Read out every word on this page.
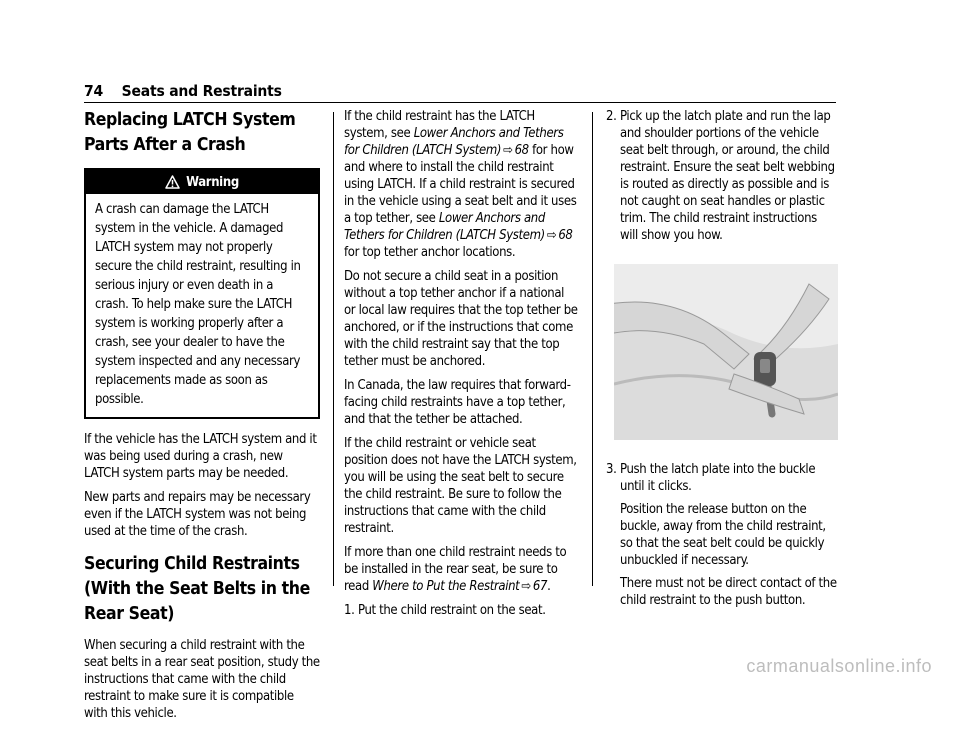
74 Seats and Restraints
Replacing LATCH System Parts After a Crash
Warning
A crash can damage the LATCH system in the vehicle. A damaged LATCH system may not properly secure the child restraint, resulting in serious injury or even death in a crash. To help make sure the LATCH system is working properly after a crash, see your dealer to have the system inspected and any necessary replacements made as soon as possible.

If the vehicle has the LATCH system and it was being used during a crash, new LATCH system parts may be needed.

New parts and repairs may be necessary even if the LATCH system was not being used at the time of the crash.

Securing Child Restraints (With the Seat Belts in the Rear Seat)

When securing a child restraint with the seat belts in a rear seat position, study the instructions that came with the child restraint to make sure it is compatible with this vehicle.

If the child restraint has the LATCH system, see Lower Anchors and Tethers for Children (LATCH System) ⇨ 68 for how and where to install the child restraint using LATCH. If a child restraint is secured in the vehicle using a seat belt and it uses a top tether, see Lower Anchors and Tethers for Children (LATCH System) ⇨ 68 for top tether anchor locations.

Do not secure a child seat in a position without a top tether anchor if a national or local law requires that the top tether be anchored, or if the instructions that come with the child restraint say that the top tether must be anchored.

In Canada, the law requires that forward-facing child restraints have a top tether, and that the tether be attached.

If the child restraint or vehicle seat position does not have the LATCH system, you will be using the seat belt to secure the child restraint. Be sure to follow the instructions that came with the child restraint.

If more than one child restraint needs to be installed in the rear seat, be sure to read Where to Put the Restraint ⇨ 67.

1. Put the child restraint on the seat.
2. Pick up the latch plate and run the lap and shoulder portions of the vehicle seat belt through, or around, the child restraint. Ensure the seat belt webbing is routed as directly as possible and is not caught on seat handles or plastic trim. The child restraint instructions will show you how.
3. Push the latch plate into the buckle until it clicks.
Position the release button on the buckle, away from the child restraint, so that the seat belt could be quickly unbuckled if necessary.
There must not be direct contact of the child restraint to the push button.
carmanualsonline.info
